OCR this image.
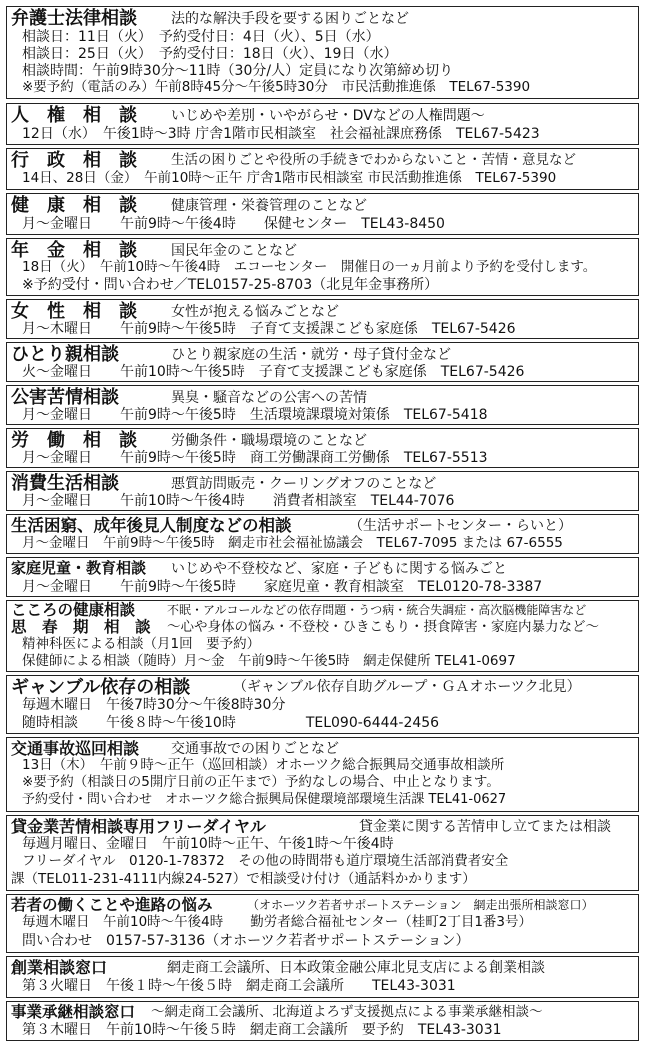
弁護士法律相談 法的な解決手段を要する困りごとなど
相談日：11日（火）　予約受付日：4日（火）、5日（水）
相談日：25日（火）　予約受付日：18日（火）、19日（水）
相談時間：午前9時30分～11時（30分/人）定員になり次第締め切り
※要予約（電話のみ）午前8時45分～午後5時30分　市民活動推進係　TEL67-5390
人　権　相　談 いじめや差別・いやがらせ・DVなどの人権問題～
12日（水）　午後1時～3時 庁舎1階市民相談室　社会福祉課庶務係　TEL67-5423
行　政　相　談	生活の困りごとや役所の手続きでわからないこと・苦情・意見など
14日、28日（金）　午前10時～正午 庁舎1階市民相談室 市民活動推進係　TEL67-5390
健　康　相　談 健康管理・栄養管理のことなど
月～金曜日　　午前9時～午後4時　　保健センター　TEL43-8450
年　金　相　談 国民年金のことなど
18日（火）　午前10時～午後4時　エコーセンター　開催日の一ヵ月前より予約を受付します。
※予約受付・問い合わせ／TEL0157-25-8703（北見年金事務所）
女　性　相　談 女性が抱える悩みごとなど
月～木曜日　　午前9時～午後5時　子育て支援課こども家庭係　TEL67-5426
ひとり親相談	ひとり親家庭の生活・就労・母子貸付金など
火～金曜日　　午前10時～午後5時　子育て支援課こども家庭係　TEL67-5426
公害苦情相談	異臭・騒音などの公害への苦情
月～金曜日　　午前9時～午後5時　生活環境課環境対策係　TEL67-5418
労　働　相　談 労働条件・職場環境のことなど
月～金曜日　　午前9時～午後5時　商工労働課商工労働係　TEL67-5513
消費生活相談	悪質訪問販売・クーリングオフのことなど
月～金曜日　　午前10時～午後4時　　消費者相談室　TEL44-7076
生活困窮、成年後見人制度などの相談	（生活サポートセンター・らいと）
月～金曜日　午前9時～午後5時　網走市社会福祉協議会　TEL67-7095 または 67-6555
家庭児童・教育相談 いじめや不登校など、家庭・子どもに関する悩みごと
月～金曜日　　午前9時～午後5時　　家庭児童・教育相談室　TEL0120-78-3387
こころの健康相談	不眠・アルコールなどの依存問題・うつ病・統合失調症・高次脳機能障害など
思　春　期　相　談 ～心や身体の悩み・不登校・ひきこもり・摂食障害・家庭内暴力など～
精神科医による相談（月1回　要予約）
保健師による相談（随時）月～金　午前9時～午後5時　網走保健所 TEL41-0697
ギャンブル依存の相談	（ギャンブル依存自助グループ・ＧＡオホーツク北見）
毎週木曜日　午後7時30分～午後8時30分
随時相談　　午後８時～午後10時　　　　　TEL090-6444-2456
交通事故巡回相談 交通事故での困りごとなど
13日（木）　午前９時～正午（巡回相談）オホーツク総合振興局交通事故相談所
※要予約（相談日の5開庁日前の正午まで）予約なしの場合、中止となります。
予約受付・問い合わせ　オホーツク総合振興局保健環境部環境生活課 TEL41-0627
貸金業苦情相談専用フリーダイヤル	貸金業に関する苦情申し立てまたは相談
毎週月曜日、金曜日　午前10時～正午、午後1時～午後4時
フリーダイヤル　0120-1-78372　その他の時間帯も道庁環境生活部消費者安全
課（TEL011-231-4111内線24-527）で相談受け付け（通話料かかります）
若者の働くことや進路の悩み	（オホーツク若者サポートステーション　網走出張所相談窓口）
毎週木曜日　午前10時～午後4時　　勤労者総合福祉センター（桂町2丁目1番3号）
問い合わせ　0157-57-3136（オホーツク若者サポートステーション）
創業相談窓口	網走商工会議所、日本政策金融公庫北見支店による創業相談
第３火曜日　午後１時～午後５時　網走商工会議所　　TEL43-3031
事業承継相談窓口 ～網走商工会議所、北海道よろず支援拠点による事業承継相談～
第３木曜日　午前10時～午後５時　網走商工会議所　要予約　TEL43-3031
